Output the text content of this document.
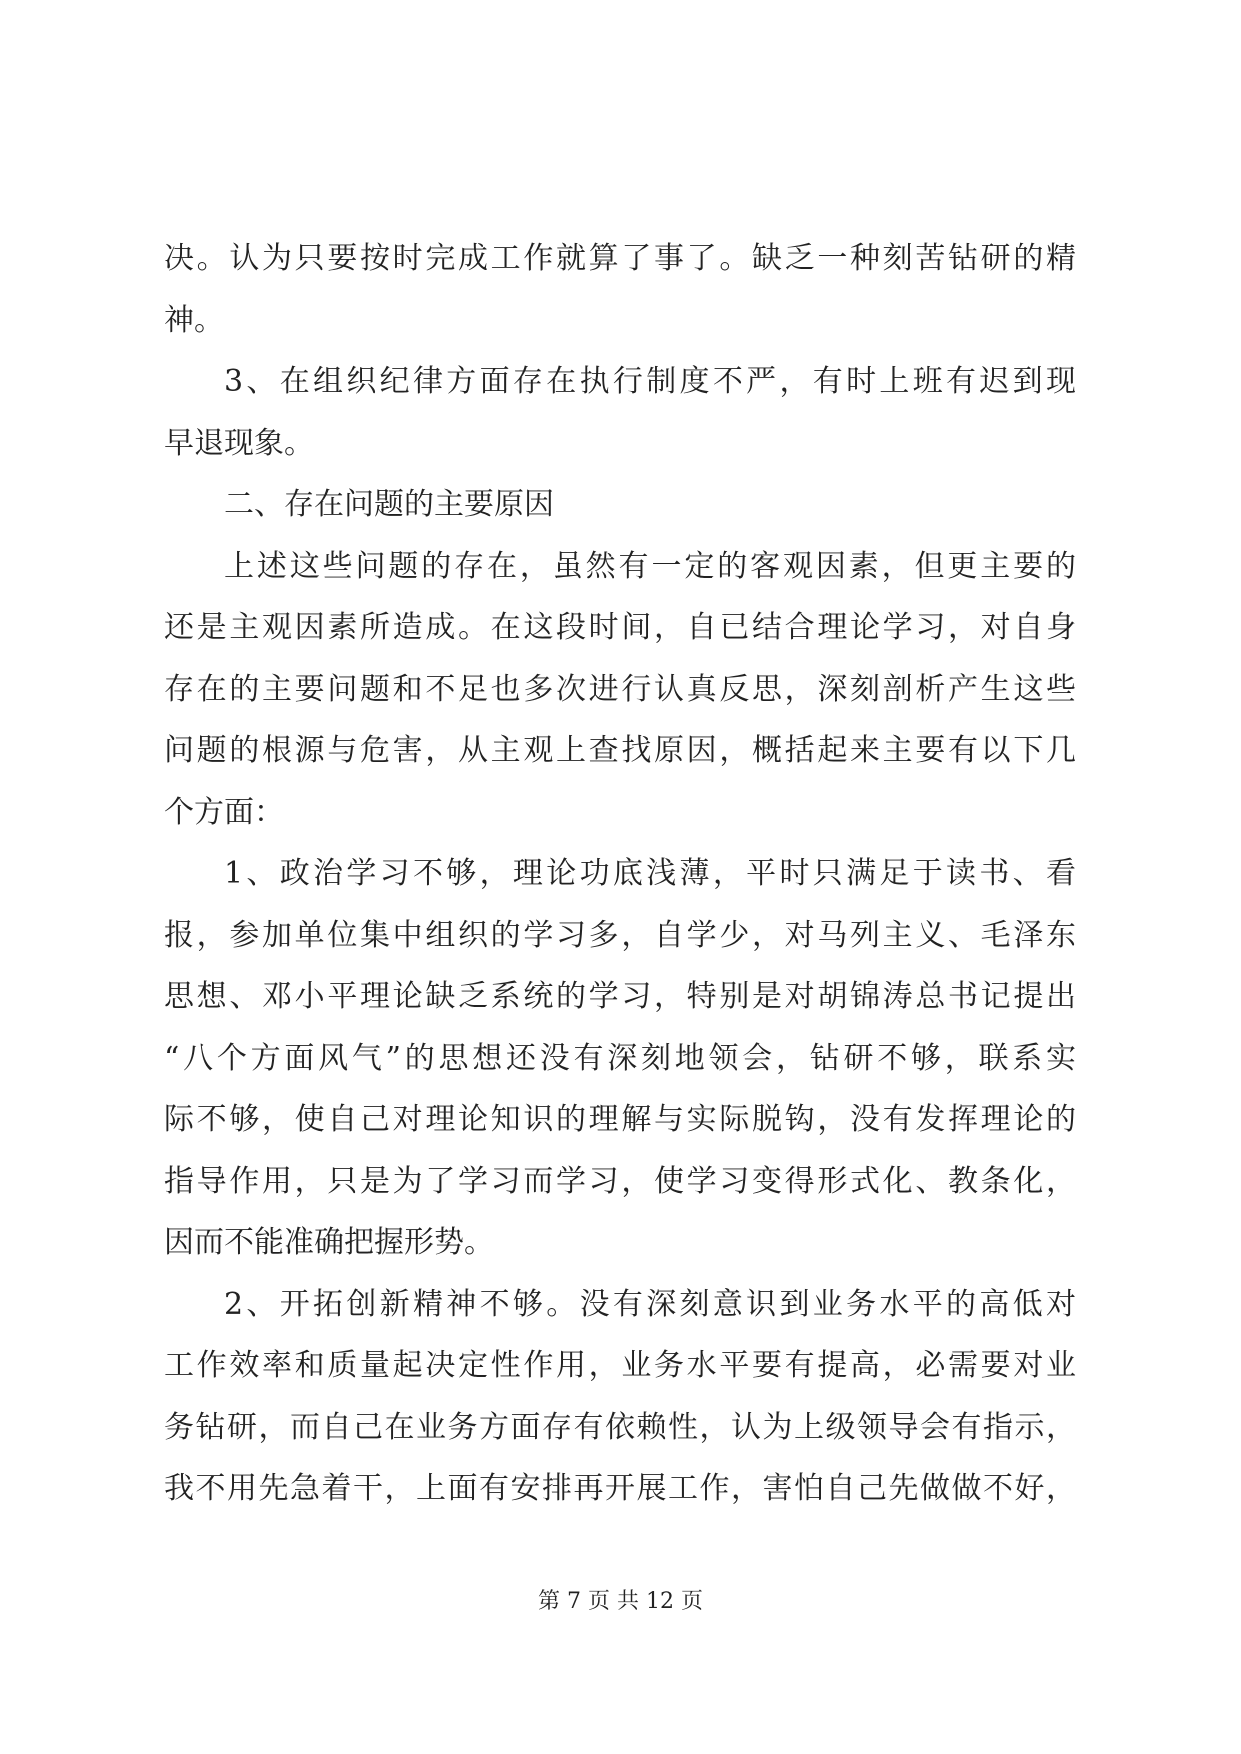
决。认为只要按时完成工作就算了事了。缺乏一种刻苦钻研的精
神。
3、在组织纪律方面存在执行制度不严，有时上班有迟到现
早退现象。
二、存在问题的主要原因
上述这些问题的存在，虽然有一定的客观因素，但更主要的
还是主观因素所造成。在这段时间，自已结合理论学习，对自身
存在的主要问题和不足也多次进行认真反思，深刻剖析产生这些
问题的根源与危害，从主观上查找原因，概括起来主要有以下几
个方面：
1、政治学习不够，理论功底浅薄，平时只满足于读书、看
报，参加单位集中组织的学习多，自学少，对马列主义、毛泽东
思想、邓小平理论缺乏系统的学习，特别是对胡锦涛总书记提出
“八个方面风气”的思想还没有深刻地领会，钻研不够，联系实
际不够，使自己对理论知识的理解与实际脱钩，没有发挥理论的
指导作用，只是为了学习而学习，使学习变得形式化、教条化，
因而不能准确把握形势。
2、开拓创新精神不够。没有深刻意识到业务水平的高低对
工作效率和质量起决定性作用，业务水平要有提高，必需要对业
务钻研，而自己在业务方面存有依赖性，认为上级领导会有指示，
我不用先急着干，上面有安排再开展工作，害怕自己先做做不好，
第 7 页 共 12 页
